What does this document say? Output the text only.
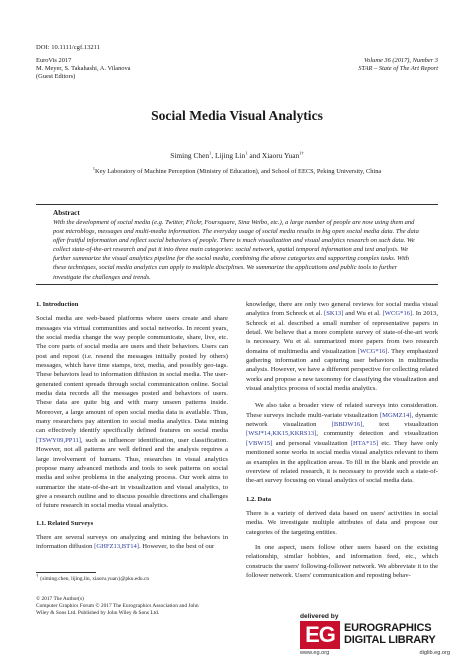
DOI: 10.1111/cgf.13211
EuroVis 2017
M. Meyer, S. Takahashi, A. Vilanova
(Guest Editors)
Volume 36 (2017), Number 3
STAR – State of The Art Report
Social Media Visual Analytics
Siming Chen$^1$, Lijing Lin$^1$ and Xiaoru Yuan$^{1\dagger}$
$^1$Key Laboratory of Machine Perception (Ministry of Education), and School of EECS, Peking University, China
Abstract
With the development of social media (e.g. Twitter, Flickr, Foursquare, Sina Weibo, etc.), a large number of people are now using them and post microblogs, messages and multi-media information. The everyday usage of social media results in big open social media data. The data offer fruitful information and reflect social behaviors of people. There is much visualization and visual analytics research on such data. We collect state-of-the-art research and put it into three main categories: social network, spatial temporal information and text analysis. We further summarize the visual analytics pipeline for the social media, combining the above categories and supporting complex tasks. With these techniques, social media analytics can apply to multiple disciplines. We summarize the applications and public tools to further investigate the challenges and trends.
1. Introduction

Social media are web-based platforms where users create and share messages via virtual communities and social networks. In recent years, the social media change the way people communicate, share, live, etc. The core parts of social media are users and their behaviors. Users can post and repost (i.e. resend the messages initially posted by others) messages, which have time stamps, text, media, and possibly geo-tags. These behaviors lead to information diffusion in social media. The user-generated content spreads through social communication online. Social media data records all the messages posted and behaviors of users. These data are quite big and with many unseen patterns inside. Moreover, a large amount of open social media data is available. Thus, many researchers pay attention to social media analytics. Data mining can effectively identify specifically defined features on social media [TSWY09,PP11], such as influencer identification, user classification. However, not all patterns are well defined and the analysis requires a large involvement of humans. Thus, researches in visual analytics propose many advanced methods and tools to seek patterns on social media and solve problems in the analyzing process. Our work aims to summarize the state-of-the-art in visualization and visual analytics, to give a research outline and to discuss possible directions and challenges of future research in social media visual analytics.

1.1. Related Surveys

There are several surveys on analyzing and mining the behaviors in information diffusion [GHFZ13,BT14]. However, to the best of our

† {siming.chen, lijing.lin, xiaoru.yuan}@pku.edu.cn
© 2017 The Author(s)
Computer Graphics Forum © 2017 The Eurographics Association and John
Wiley & Sons Ltd. Published by John Wiley & Sons Ltd.

knowledge, there are only two general reviews for social media visual analytics from Schreck et al. [SK13] and Wu et al. [WCG*16]. In 2013, Schreck et al. described a small number of representative papers in detail. We believe that a more complete survey of state-of-the-art work is necessary. Wu et al. summarized more papers from two research domains of multimedia and visualization [WCG*16]. They emphasized gathering information and capturing user behaviors in multimedia analysis. However, we have a different perspective for collecting related works and propose a new taxonomy for classifying the visualization and visual analytics process of social media analytics.

We also take a broader view of related surveys into consideration. These surveys include multi-variate visualization [MGMZ14], dynamic network visualization [BBDW16], text visualization [WSJ*14,KK15,KKRS13], community detection and visualization [VBW15] and personal visualization [HTA*15] etc. They have only mentioned some works in social media visual analytics relevant to them as examples in the application areas. To fill in the blank and provide an overview of related research, it is necessary to provide such a state-of-the-art survey focusing on visual analytics of social media data.

1.2. Data

There is a variety of derived data based on users' activities in social media. We investigate multiple attributes of data and propose our categories of the targeting entities.

In one aspect, users follow other users based on the existing relationship, similar hobbies, and information feed, etc., which constructs the users' following-follower network. We abbreviate it to the follower network. Users' communication and reposting behav-

delivered by
EG EUROGRAPHICS
DIGITAL LIBRARY
www.eg.org	diglib.eg.org
